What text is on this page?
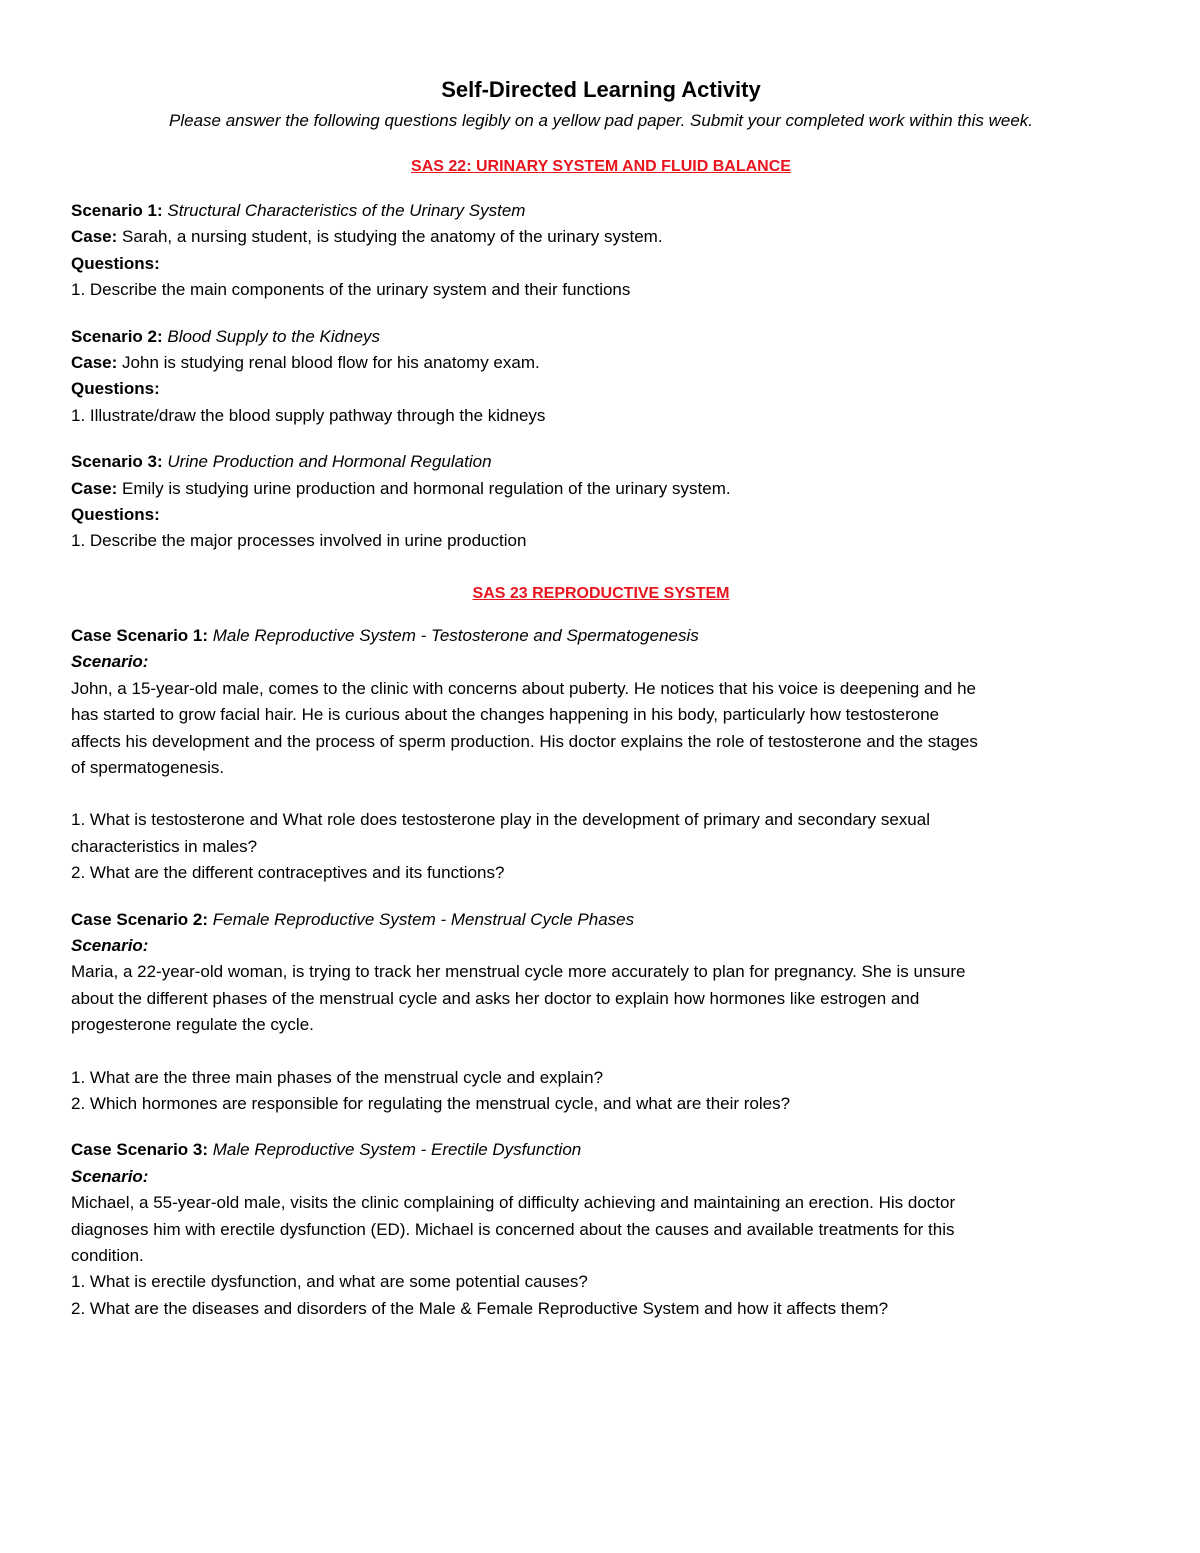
Self-Directed Learning Activity

Please answer the following questions legibly on a yellow pad paper. Submit your completed work within this week.

SAS 22: URINARY SYSTEM AND FLUID BALANCE
Scenario 1: Structural Characteristics of the Urinary System
Case: Sarah, a nursing student, is studying the anatomy of the urinary system.
Questions:
1. Describe the main components of the urinary system and their functions
Scenario 2: Blood Supply to the Kidneys
Case: John is studying renal blood flow for his anatomy exam.
Questions:
1. Illustrate/draw the blood supply pathway through the kidneys
Scenario 3: Urine Production and Hormonal Regulation
Case: Emily is studying urine production and hormonal regulation of the urinary system.
Questions:
1. Describe the major processes involved in urine production
SAS 23 REPRODUCTIVE SYSTEM
Case Scenario 1: Male Reproductive System - Testosterone and Spermatogenesis
Scenario:
John, a 15-year-old male, comes to the clinic with concerns about puberty. He notices that his voice is deepening and he
has started to grow facial hair. He is curious about the changes happening in his body, particularly how testosterone
affects his development and the process of sperm production. His doctor explains the role of testosterone and the stages
of spermatogenesis.
1. What is testosterone and What role does testosterone play in the development of primary and secondary sexual
characteristics in males?
2. What are the different contraceptives and its functions?
Case Scenario 2: Female Reproductive System - Menstrual Cycle Phases
Scenario:
Maria, a 22-year-old woman, is trying to track her menstrual cycle more accurately to plan for pregnancy. She is unsure
about the different phases of the menstrual cycle and asks her doctor to explain how hormones like estrogen and
progesterone regulate the cycle.
1. What are the three main phases of the menstrual cycle and explain?
2. Which hormones are responsible for regulating the menstrual cycle, and what are their roles?
Case Scenario 3: Male Reproductive System - Erectile Dysfunction
Scenario:
Michael, a 55-year-old male, visits the clinic complaining of difficulty achieving and maintaining an erection. His doctor
diagnoses him with erectile dysfunction (ED). Michael is concerned about the causes and available treatments for this
condition.
1. What is erectile dysfunction, and what are some potential causes?
2. What are the diseases and disorders of the Male & Female Reproductive System and how it affects them?
